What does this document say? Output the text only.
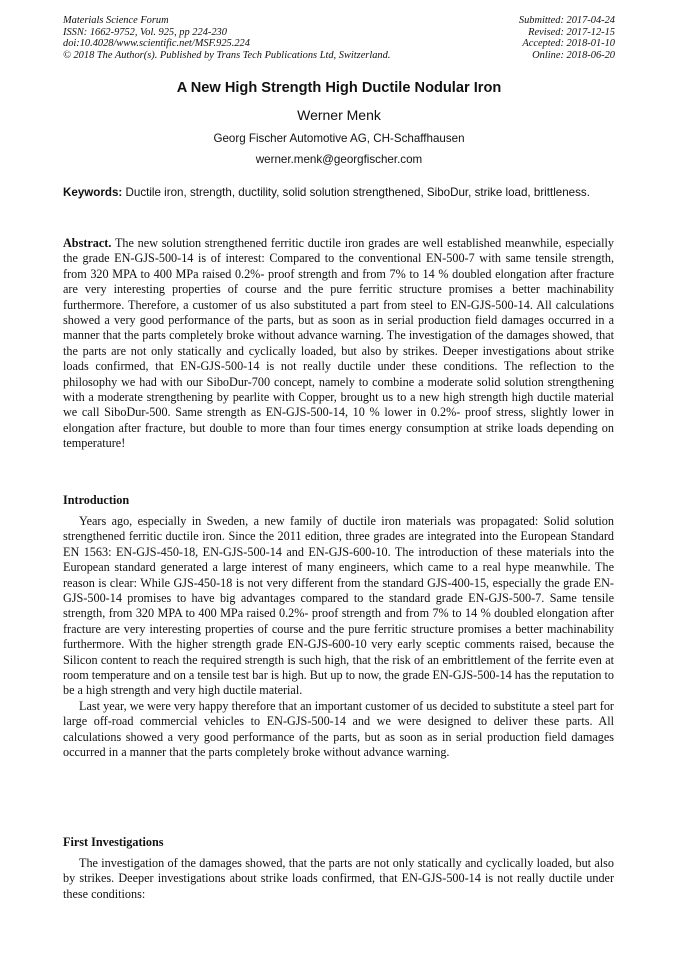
Materials Science Forum
ISSN: 1662-9752, Vol. 925, pp 224-230
doi:10.4028/www.scientific.net/MSF.925.224
© 2018 The Author(s). Published by Trans Tech Publications Ltd, Switzerland.
Submitted: 2017-04-24
Revised: 2017-12-15
Accepted: 2018-01-10
Online: 2018-06-20
A New High Strength High Ductile Nodular Iron
Werner Menk
Georg Fischer Automotive AG, CH-Schaffhausen
werner.menk@georgfischer.com
Keywords: Ductile iron, strength, ductility, solid solution strengthened, SiboDur, strike load, brittleness.
Abstract. The new solution strengthened ferritic ductile iron grades are well established meanwhile, especially the grade EN-GJS-500-14 is of interest: Compared to the conventional EN-500-7 with same tensile strength, from 320 MPA to 400 MPa raised 0.2%- proof strength and from 7% to 14 % doubled elongation after fracture are very interesting properties of course and the pure ferritic structure promises a better machinability furthermore. Therefore, a customer of us also substituted a part from steel to EN-GJS-500-14. All calculations showed a very good performance of the parts, but as soon as in serial production field damages occurred in a manner that the parts completely broke without advance warning. The investigation of the damages showed, that the parts are not only statically and cyclically loaded, but also by strikes. Deeper investigations about strike loads confirmed, that EN-GJS-500-14 is not really ductile under these conditions. The reflection to the philosophy we had with our SiboDur-700 concept, namely to combine a moderate solid solution strengthening with a moderate strengthening by pearlite with Copper, brought us to a new high strength high ductile material we call SiboDur-500. Same strength as EN-GJS-500-14, 10 % lower in 0.2%- proof stress, slightly lower in elongation after fracture, but double to more than four times energy consumption at strike loads depending on temperature!
Introduction

Years ago, especially in Sweden, a new family of ductile iron materials was propagated: Solid solution strengthened ferritic ductile iron. Since the 2011 edition, three grades are integrated into the European Standard EN 1563: EN-GJS-450-18, EN-GJS-500-14 and EN-GJS-600-10. The introduction of these materials into the European standard generated a large interest of many engineers, which came to a real hype meanwhile. The reason is clear: While GJS-450-18 is not very different from the standard GJS-400-15, especially the grade EN-GJS-500-14 promises to have big advantages compared to the standard grade EN-GJS-500-7. Same tensile strength, from 320 MPA to 400 MPa raised 0.2%- proof strength and from 7% to 14 % doubled elongation after fracture are very interesting properties of course and the pure ferritic structure promises a better machinability furthermore. With the higher strength grade EN-GJS-600-10 very early sceptic comments raised, because the Silicon content to reach the required strength is such high, that the risk of an embrittlement of the ferrite even at room temperature and on a tensile test bar is high. But up to now, the grade EN-GJS-500-14 has the reputation to be a high strength and very high ductile material.

Last year, we were very happy therefore that an important customer of us decided to substitute a steel part for large off-road commercial vehicles to EN-GJS-500-14 and we were designed to deliver these parts. All calculations showed a very good performance of the parts, but as soon as in serial production field damages occurred in a manner that the parts completely broke without advance warning.

First Investigations

The investigation of the damages showed, that the parts are not only statically and cyclically loaded, but also by strikes. Deeper investigations about strike loads confirmed, that EN-GJS-500-14 is not really ductile under these conditions:
